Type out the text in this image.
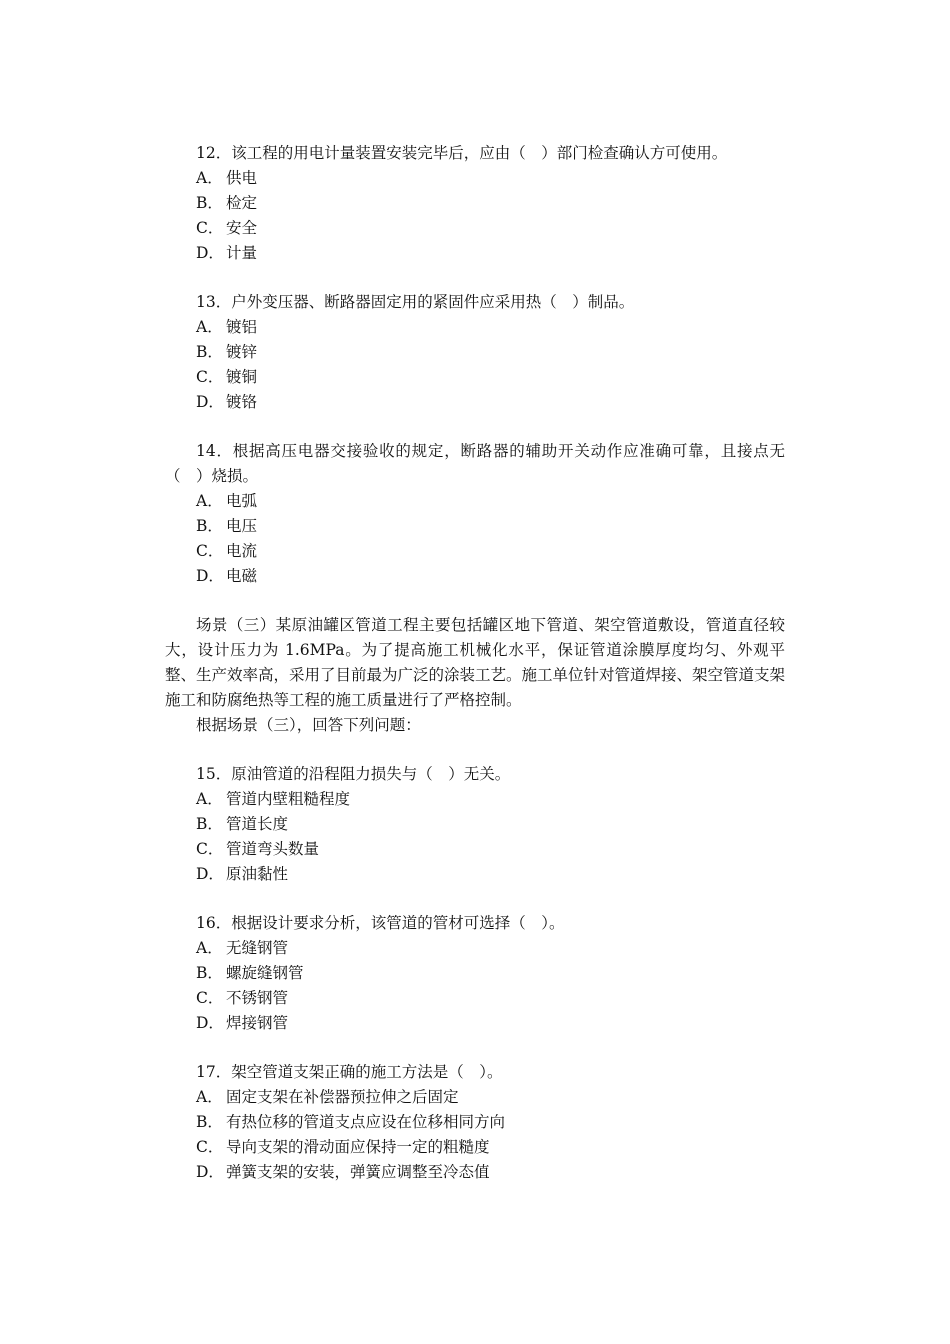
12．该工程的用电计量装置安装完毕后，应由（　）部门检查确认方可使用。
A． 供电
B． 检定
C． 安全
D． 计量
13．户外变压器、断路器固定用的紧固件应采用热（　）制品。
A． 镀铝
B． 镀锌
C． 镀铜
D． 镀铬

14．根据高压电器交接验收的规定，断路器的辅助开关动作应准确可靠，且接点无（　）烧损。

A． 电弧
B． 电压
C． 电流
D． 电磁

场景（三）某原油罐区管道工程主要包括罐区地下管道、架空管道敷设，管道直径较大，设计压力为 1.6MPa。为了提高施工机械化水平，保证管道涂膜厚度均匀、外观平整、生产效率高，采用了目前最为广泛的涂装工艺。施工单位针对管道焊接、架空管道支架施工和防腐绝热等工程的施工质量进行了严格控制。

根据场景（三），回答下列问题：
15．原油管道的沿程阻力损失与（　）无关。
A． 管道内壁粗糙程度
B． 管道长度
C． 管道弯头数量
D． 原油黏性
16．根据设计要求分析，该管道的管材可选择（　）。
A． 无缝钢管
B． 螺旋缝钢管
C． 不锈钢管
D． 焊接钢管
17．架空管道支架正确的施工方法是（　）。
A． 固定支架在补偿器预拉伸之后固定
B． 有热位移的管道支点应设在位移相同方向
C． 导向支架的滑动面应保持一定的粗糙度
D． 弹簧支架的安装，弹簧应调整至冷态值
